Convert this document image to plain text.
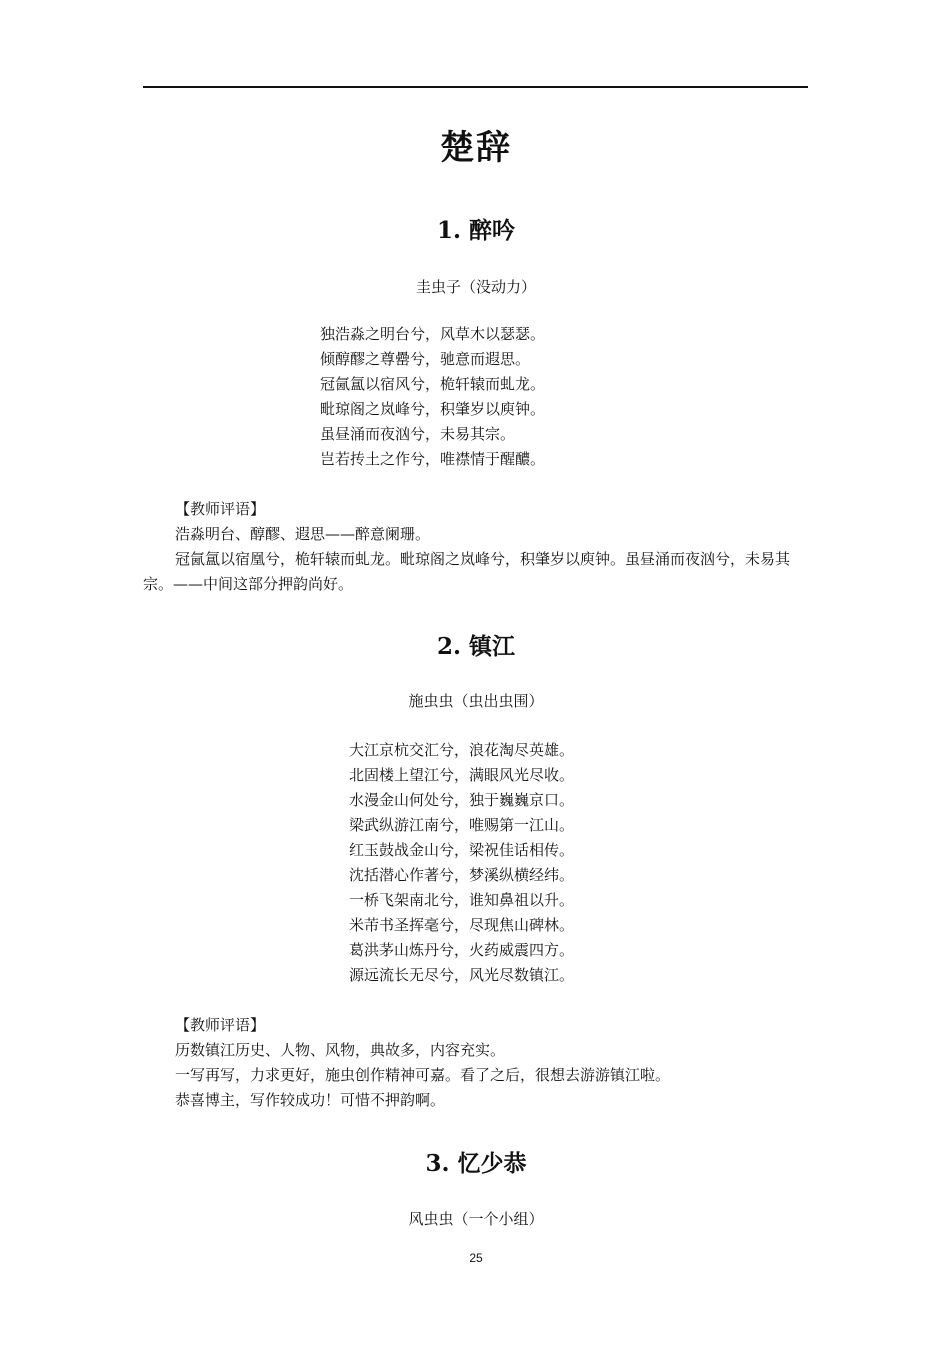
楚辞
1. 醉吟
圭虫子（没动力）
独浩淼之明台兮，风草木以瑟瑟。
倾醇醪之尊罍兮，驰意而遐思。
冠氤氲以宿风兮，桅轩辕而虬龙。
毗琼阁之岚峰兮，积肇岁以庾钟。
虽昼涌而夜汹兮，未易其宗。
岂若抟土之作兮，唯襟情于醒醲。

【教师评语】

浩淼明台、醇醪、遐思——醉意阑珊。

冠氤氲以宿凰兮，桅轩辕而虬龙。毗琼阁之岚峰兮，积肇岁以庾钟。虽昼涌而夜汹兮，未易其宗。——中间这部分押韵尚好。

2. 镇江
施虫虫（虫出虫围）
大江京杭交汇兮，浪花淘尽英雄。
北固楼上望江兮，满眼风光尽收。
水漫金山何处兮，独于巍巍京口。
梁武纵游江南兮，唯赐第一江山。
红玉鼓战金山兮，梁祝佳话相传。
沈括潜心作著兮，梦溪纵横经纬。
一桥飞架南北兮，谁知鼻祖以升。
米芾书圣挥毫兮，尽现焦山碑林。
葛洪茅山炼丹兮，火药威震四方。
源远流长无尽兮，风光尽数镇江。

【教师评语】

历数镇江历史、人物、风物，典故多，内容充实。

一写再写，力求更好，施虫创作精神可嘉。看了之后，很想去游游镇江啦。

恭喜博主，写作较成功！可惜不押韵啊。

3. 忆少恭
风虫虫（一个小组）
25
